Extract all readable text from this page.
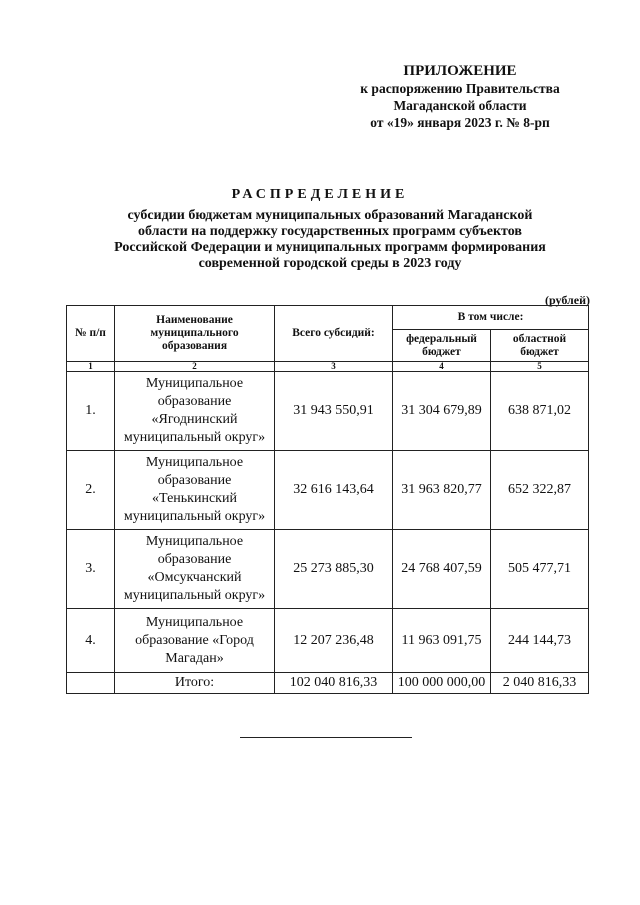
ПРИЛОЖЕНИЕ
к распоряжению Правительства
Магаданской области
от «19» января 2023 г. № 8-рп
РАСПРЕДЕЛЕНИЕ
субсидии бюджетам муниципальных образований Магаданской
области на поддержку государственных программ субъектов
Российской Федерации и муниципальных программ формирования
современной городской среды в 2023 году
(рублей)
№ п/п	Наименование муниципального образования	Всего субсидий:	В том числе:	
			федеральный бюджет	областной бюджет
1	2	3	4	5
1.	Муниципальное образование «Ягоднинский муниципальный округ»	31 943 550,91	31 304 679,89	638 871,02
2.	Муниципальное образование «Тенькинский муниципальный округ»	32 616 143,64	31 963 820,77	652 322,87
3.	Муниципальное образование «Омсукчанский муниципальный округ»	25 273 885,30	24 768 407,59	505 477,71
4.	Муниципальное образование «Город Магадан»	12 207 236,48	11 963 091,75	244 144,73
	Итого:	102 040 816,33	100 000 000,00	2 040 816,33
